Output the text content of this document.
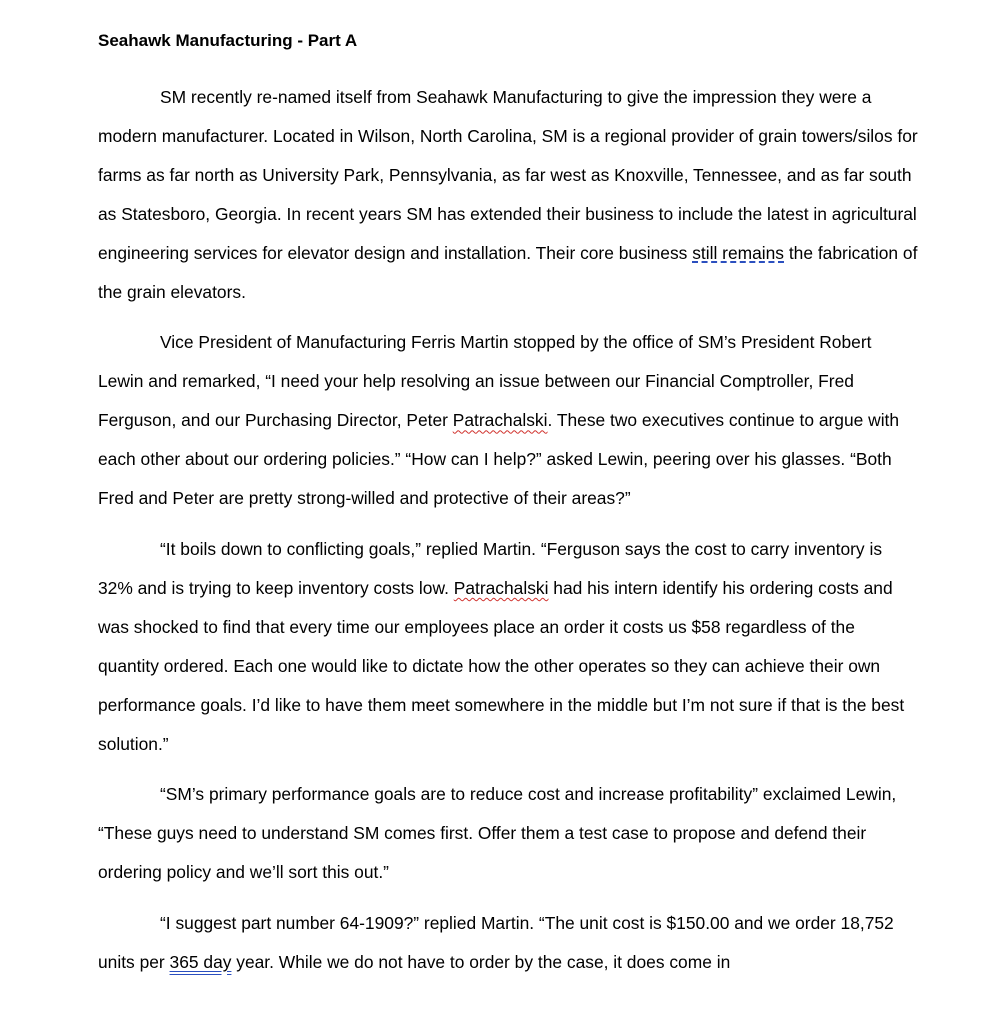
Seahawk Manufacturing - Part A

SM recently re-named itself from Seahawk Manufacturing to give the impression they were a modern manufacturer. Located in Wilson, North Carolina, SM is a regional provider of grain towers/silos for farms as far north as University Park, Pennsylvania, as far west as Knoxville, Tennessee, and as far south as Statesboro, Georgia. In recent years SM has extended their business to include the latest in agricultural engineering services for elevator design and installation. Their core business still remains the fabrication of the grain elevators.

Vice President of Manufacturing Ferris Martin stopped by the office of SM’s President Robert Lewin and remarked, “I need your help resolving an issue between our Financial Comptroller, Fred Ferguson, and our Purchasing Director, Peter Patrachalski. These two executives continue to argue with each other about our ordering policies.” “How can I help?” asked Lewin, peering over his glasses. “Both Fred and Peter are pretty strong-willed and protective of their areas?”

“It boils down to conflicting goals,” replied Martin. “Ferguson says the cost to carry inventory is 32% and is trying to keep inventory costs low. Patrachalski had his intern identify his ordering costs and was shocked to find that every time our employees place an order it costs us $58 regardless of the quantity ordered. Each one would like to dictate how the other operates so they can achieve their own performance goals. I’d like to have them meet somewhere in the middle but I’m not sure if that is the best solution.”

“SM’s primary performance goals are to reduce cost and increase profitability” exclaimed Lewin, “These guys need to understand SM comes first. Offer them a test case to propose and defend their ordering policy and we’ll sort this out.”

“I suggest part number 64-1909?” replied Martin. “The unit cost is $150.00 and we order 18,752 units per 365 day year. While we do not have to order by the case, it does come in
